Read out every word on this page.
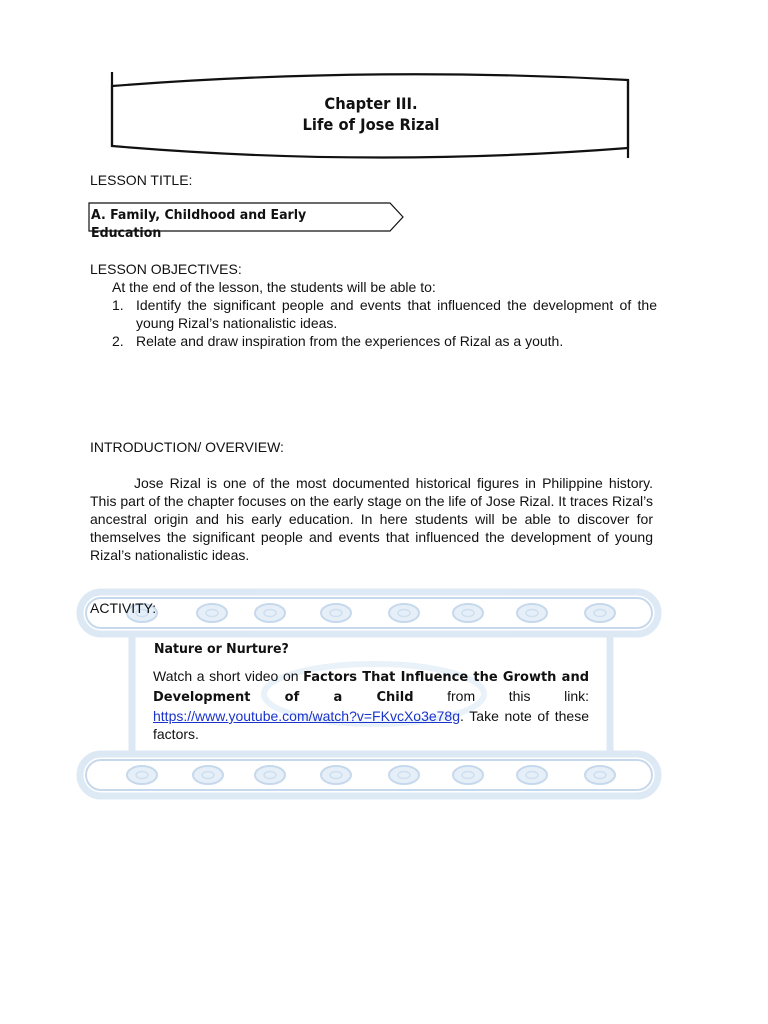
Chapter III.
Life of Jose Rizal
LESSON TITLE:
A. Family, Childhood and Early Education
LESSON OBJECTIVES:
At the end of the lesson, the students will be able to:
1. Identify the significant people and events that influenced the development of the young Rizal’s nationalistic ideas.
2. Relate and draw inspiration from the experiences of Rizal as a youth.
INTRODUCTION/ OVERVIEW:
Jose Rizal is one of the most documented historical figures in Philippine history. This part of the chapter focuses on the early stage on the life of Jose Rizal. It traces Rizal’s ancestral origin and his early education. In here students will be able to discover for themselves the significant people and events that influenced the development of young Rizal’s nationalistic ideas.
ACTIVITY:
Nature or Nurture?
Watch a short video on Factors That Influence the Growth and Development of a Child from this link: https://www.youtube.com/watch?v=FKvcXo3e78g. Take note of these factors.
